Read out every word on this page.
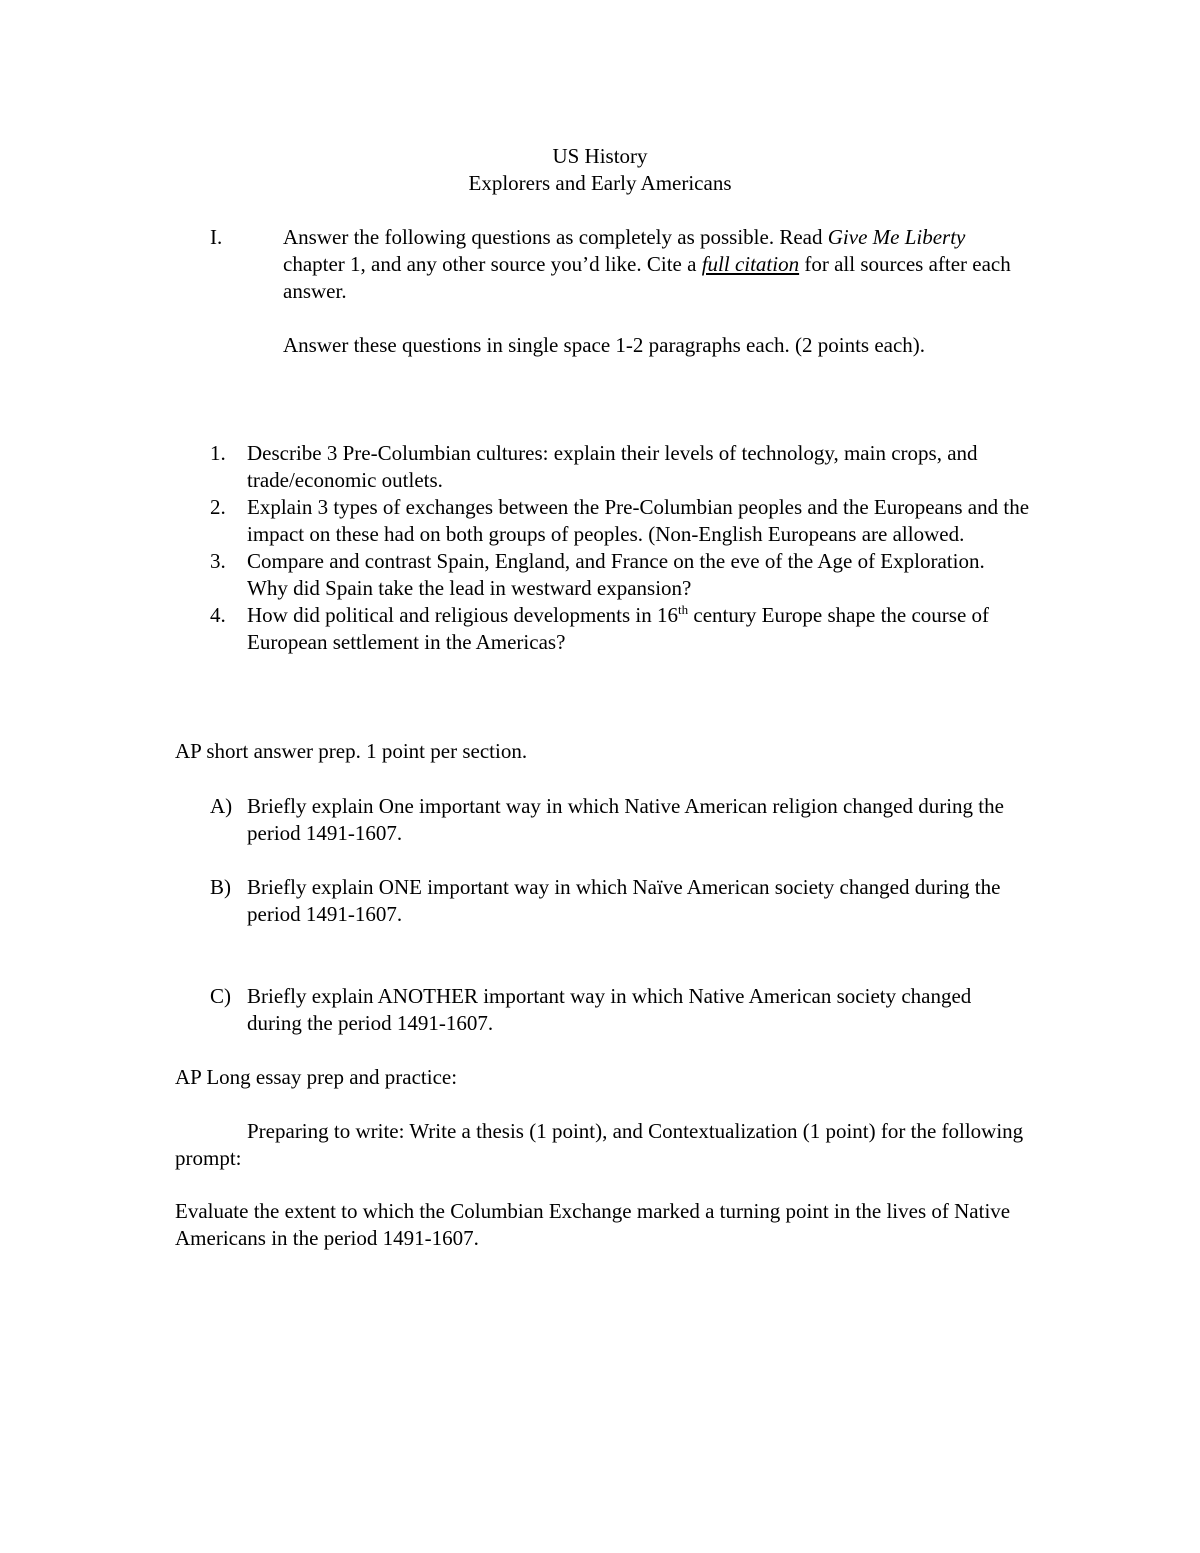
US History
Explorers and Early Americans
I.	Answer the following questions as completely as possible. Read Give Me Liberty chapter 1, and any other source you’d like. Cite a full citation for all sources after each answer.

Answer these questions in single space 1-2 paragraphs each. (2 points each).

1. Describe 3 Pre-Columbian cultures: explain their levels of technology, main crops, and trade/economic outlets.
2. Explain 3 types of exchanges between the Pre-Columbian peoples and the Europeans and the impact on these had on both groups of peoples. (Non-English Europeans are allowed.
3. Compare and contrast Spain, England, and France on the eve of the Age of Exploration. Why did Spain take the lead in westward expansion?
4. How did political and religious developments in 16th century Europe shape the course of European settlement in the Americas?
AP short answer prep. 1 point per section.
A) Briefly explain One important way in which Native American religion changed during the period 1491-1607.
B) Briefly explain ONE important way in which Naïve American society changed during the period 1491-1607.
C) Briefly explain ANOTHER important way in which Native American society changed during the period 1491-1607.
AP Long essay prep and practice:
Preparing to write: Write a thesis (1 point), and Contextualization (1 point) for the following prompt:
Evaluate the extent to which the Columbian Exchange marked a turning point in the lives of Native Americans in the period 1491-1607.
